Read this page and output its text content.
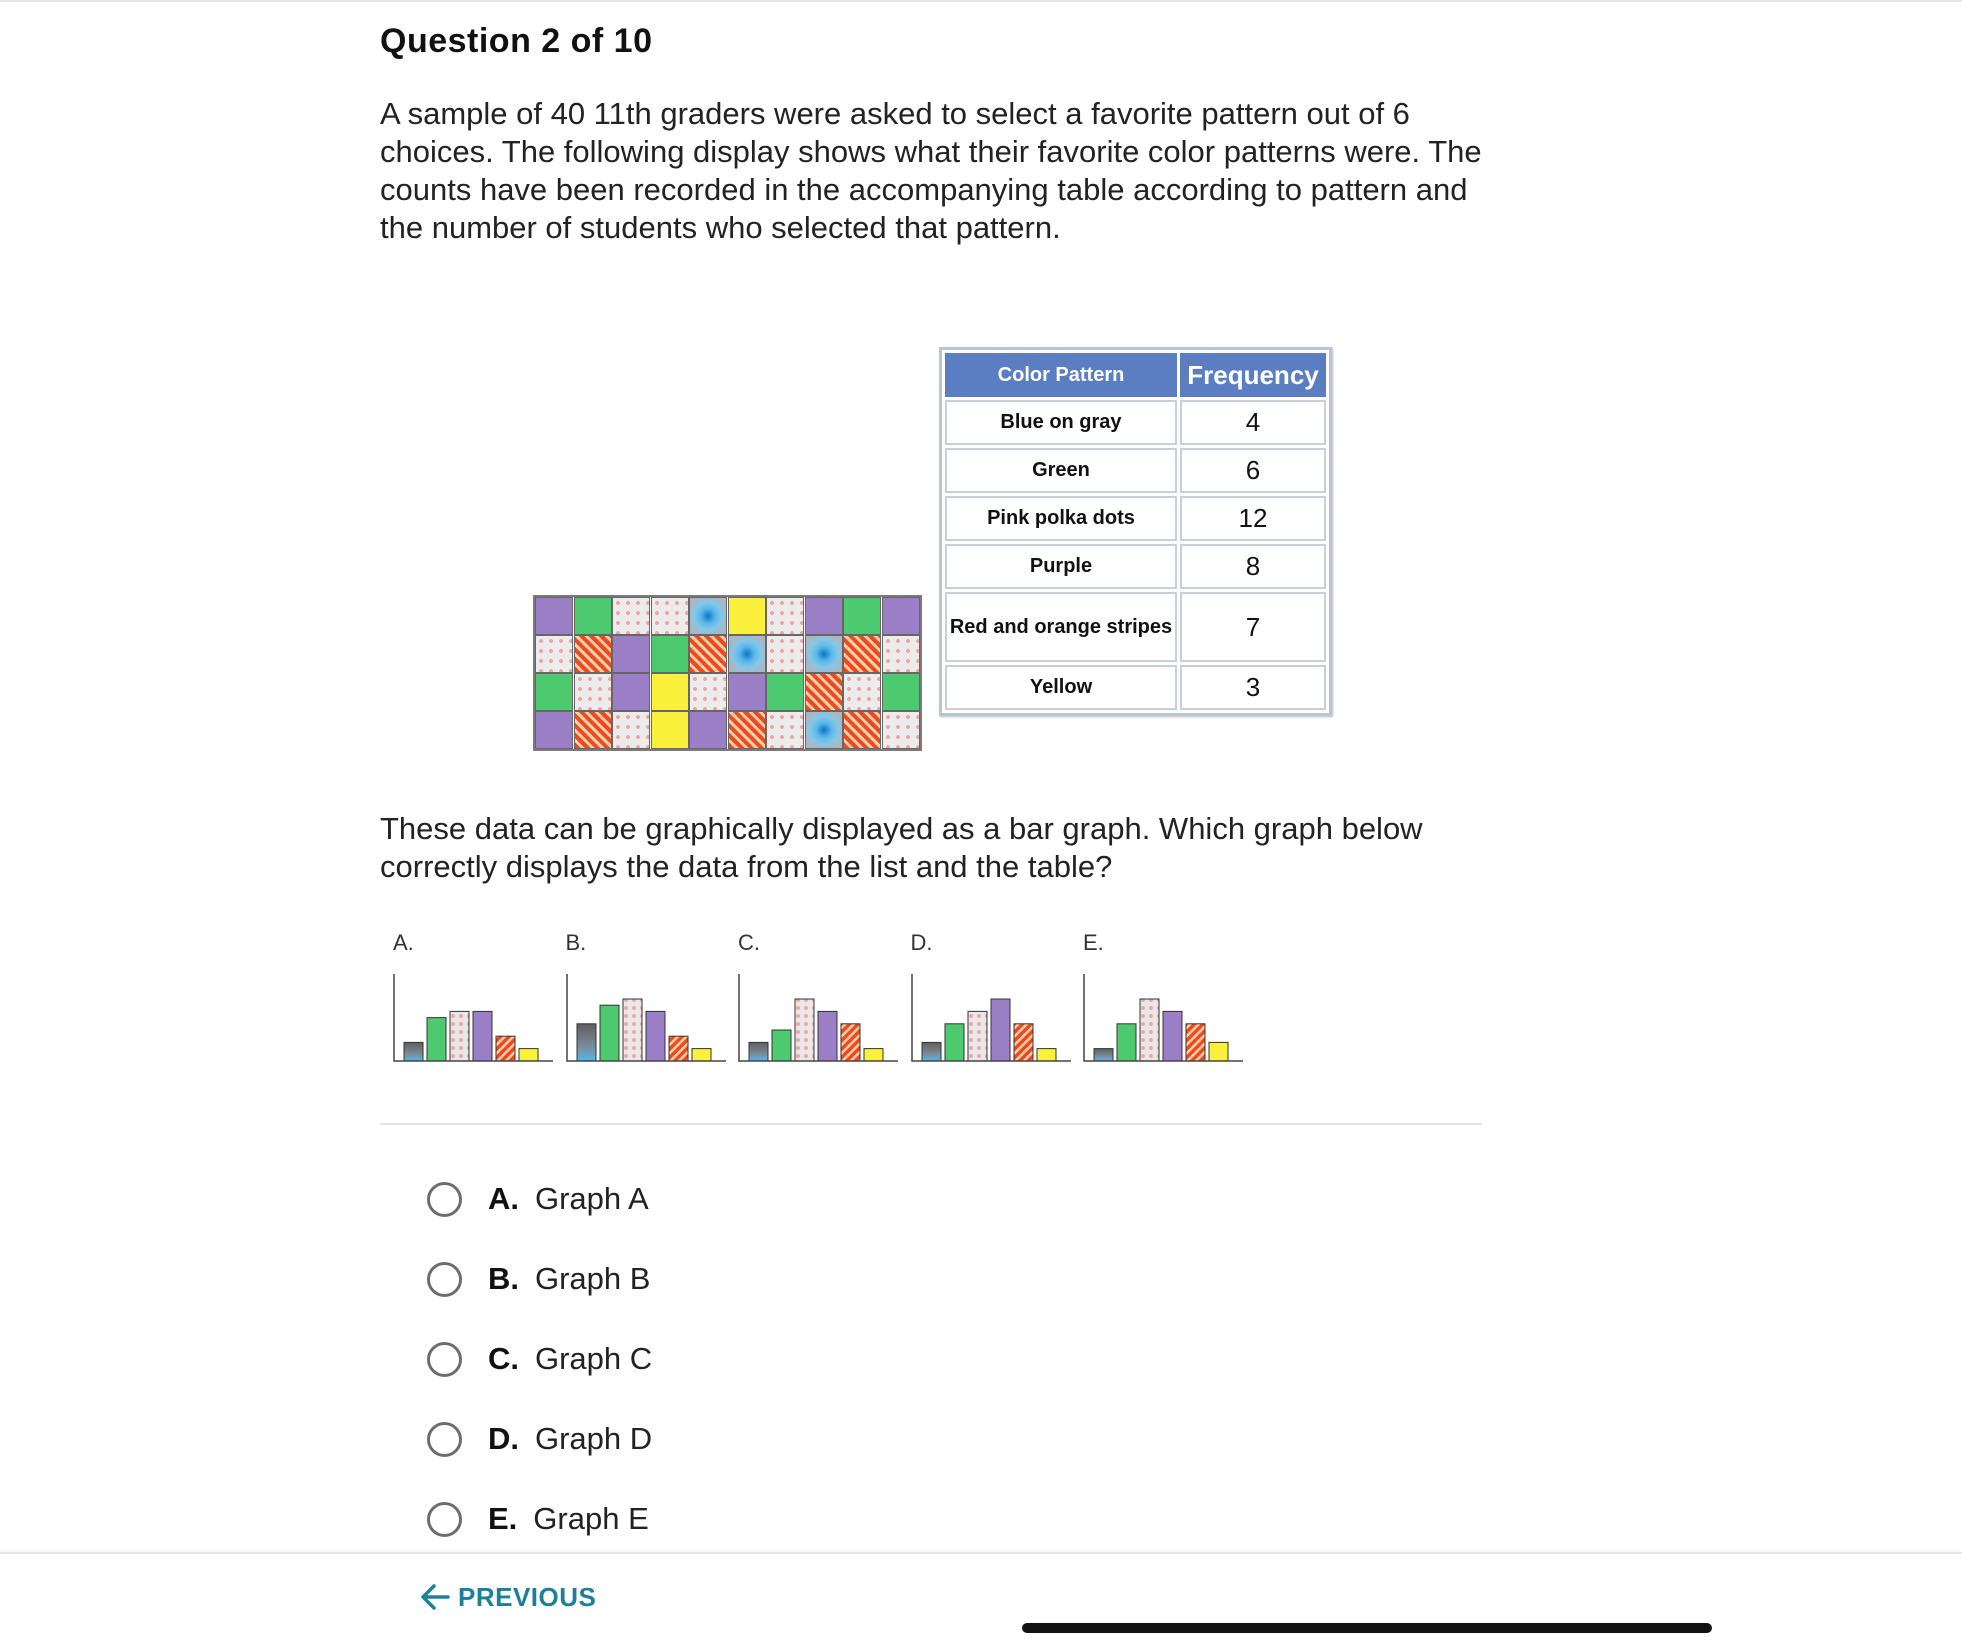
Question 2 of 10

A sample of 40 11th graders were asked to select a favorite pattern out of 6 choices. The following display shows what their favorite color patterns were. The counts have been recorded in the accompanying table according to pattern and the number of students who selected that pattern.

These data can be graphically displayed as a bar graph. Which graph below correctly displays the data from the list and the table?

Color Pattern	Frequency
Blue on gray	4
Green	6
Pink polka dots	12
Purple	8
Red and orange stripes	7
Yellow	3
A.	B.	C.	D.	E.
A. Graph A
B. Graph B
C. Graph C
D. Graph D
E. Graph E
PREVIOUS
